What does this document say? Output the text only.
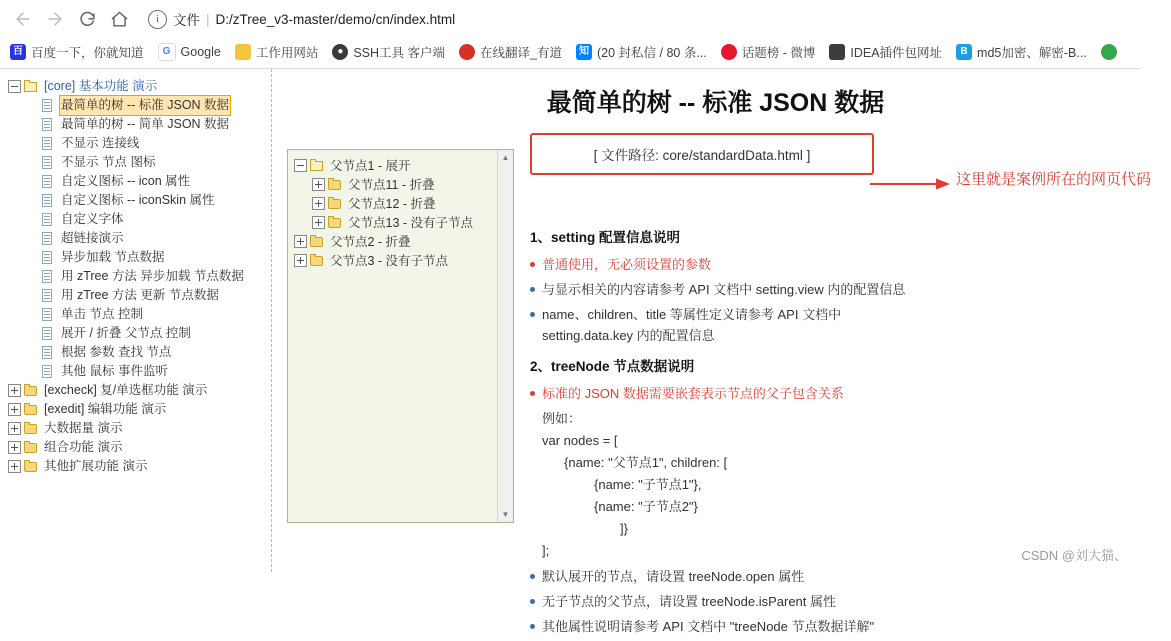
i	文件 | D:/zTree_v3-master/demo/cn/index.html
百 百度一下，你就知道	G Google	工作用网站	● SSH工具 客户端	在线翻译_有道	知 (20 封私信 / 80 条...	话题榜 - 微博	IDEA插件包网址	B md5加密、解密-B...
[core] 基本功能 演示
最简单的树 -- 标准 JSON 数据
最简单的树 -- 简单 JSON 数据
不显示 连接线
不显示 节点 图标
自定义图标 -- icon 属性
自定义图标 -- iconSkin 属性
自定义字体
超链接演示
异步加载 节点数据
用 zTree 方法 异步加载 节点数据
用 zTree 方法 更新 节点数据
单击 节点 控制
展开 / 折叠 父节点 控制
根据 参数 查找 节点
其他 鼠标 事件监听
[excheck] 复/单选框功能 演示
[exedit] 编辑功能 演示
大数据量 演示
组合功能 演示
其他扩展功能 演示
最简单的树 -- 标准 JSON 数据
[ 文件路径: core/standardData.html ]
这里就是案例所在的网页代码
父节点1 - 展开
父节点11 - 折叠
父节点12 - 折叠
父节点13 - 没有子节点
父节点2 - 折叠
父节点3 - 没有子节点
▲
▼
1、setting 配置信息说明
普通使用，无必须设置的参数
与显示相关的内容请参考 API 文档中 setting.view 内的配置信息
name、children、title 等属性定义请参考 API 文档中 setting.data.key 内的配置信息
2、treeNode 节点数据说明
标准的 JSON 数据需要嵌套表示节点的父子包含关系
例如：
var nodes = [
{name: "父节点1", children: [
{name: "子节点1"},
{name: "子节点2"}
]}
];
默认展开的节点，请设置 treeNode.open 属性
无子节点的父节点，请设置 treeNode.isParent 属性
其他属性说明请参考 API 文档中 "treeNode 节点数据详解"
CSDN @刘大猫、
